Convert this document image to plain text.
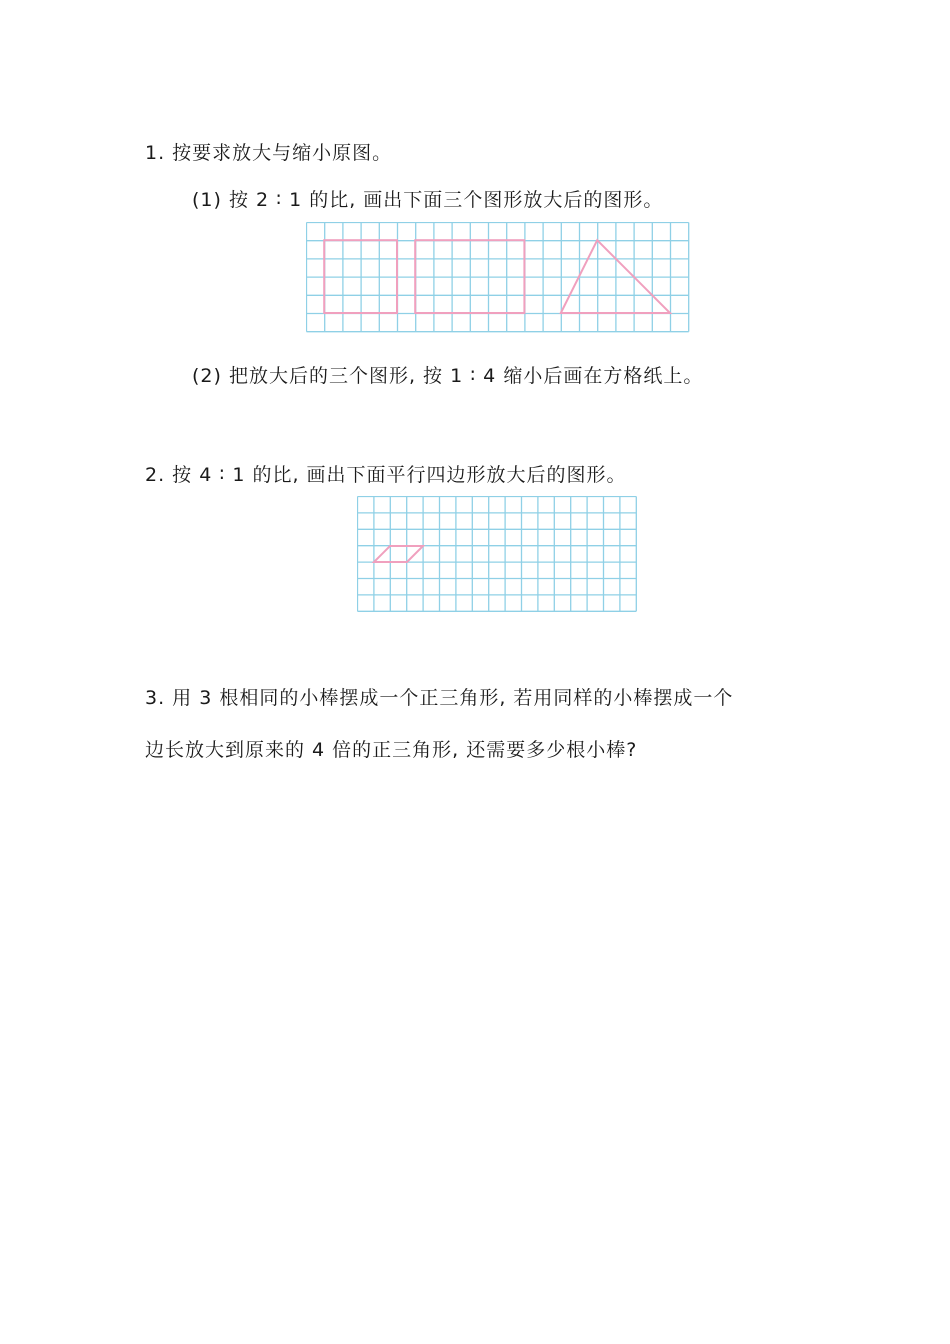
1. 按要求放大与缩小原图。
(1) 按 2 ∶ 1 的比, 画出下面三个图形放大后的图形。
(2) 把放大后的三个图形, 按 1 ∶ 4 缩小后画在方格纸上。
2. 按 4 ∶ 1 的比, 画出下面平行四边形放大后的图形。
3. 用 3 根相同的小棒摆成一个正三角形, 若用同样的小棒摆成一个
边长放大到原来的 4 倍的正三角形, 还需要多少根小棒?
